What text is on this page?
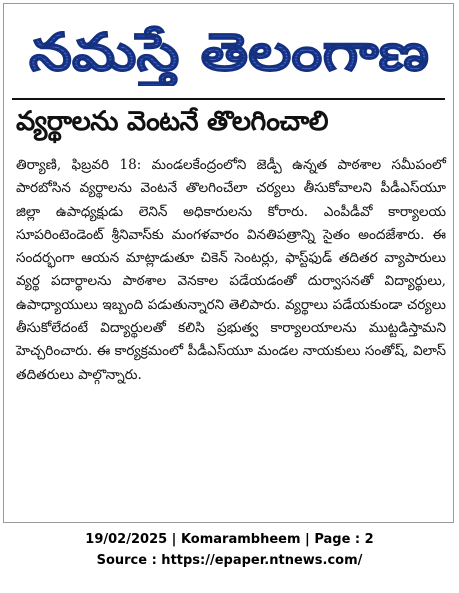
నమస్తే తెలంగాణ
వ్యర్థాలను వెంటనే తొలగించాలి
తిర్యాణి, ఫిబ్రవరి 18: మండలకేంద్రంలోని జెడ్పీ ఉన్నత పాఠశాల సమీపంలో పారబోసిన వ్యర్థాలను వెంటనే తొలగించేలా చర్యలు తీసుకోవాలని పీడీఎస్‌యూ జిల్లా ఉపాధ్యక్షుడు లెనిన్ అధికారులను కోరారు. ఎంపీడీవో కార్యాలయ సూపరింటెండెంట్ శ్రీనివాస్‌కు మంగళవారం వినతిపత్రాన్ని సైతం అందజేశారు. ఈ సందర్భంగా ఆయన మాట్లాడుతూ చికెన్ సెంటర్లు, ఫాస్ట్‌ఫుడ్ తదితర వ్యాపారులు వ్యర్థ పదార్థాలను పాఠశాల వెనకాల పడేయడంతో దుర్వాసనతో విద్యార్థులు, ఉపాధ్యాయులు ఇబ్బంది పడుతున్నారని తెలిపారు. వ్యర్థాలు పడేయకుండా చర్యలు తీసుకోలేదంటే విద్యార్థులతో కలిసి ప్రభుత్వ కార్యాలయాలను ముట్టడిస్తామని హెచ్చరించారు. ఈ కార్యక్రమంలో పీడీఎస్‌యూ మండల నాయకులు సంతోష్, విలాస్ తదితరులు పాల్గొన్నారు.
19/02/2025 | Komarambheem | Page : 2
Source : https://epaper.ntnews.com/
